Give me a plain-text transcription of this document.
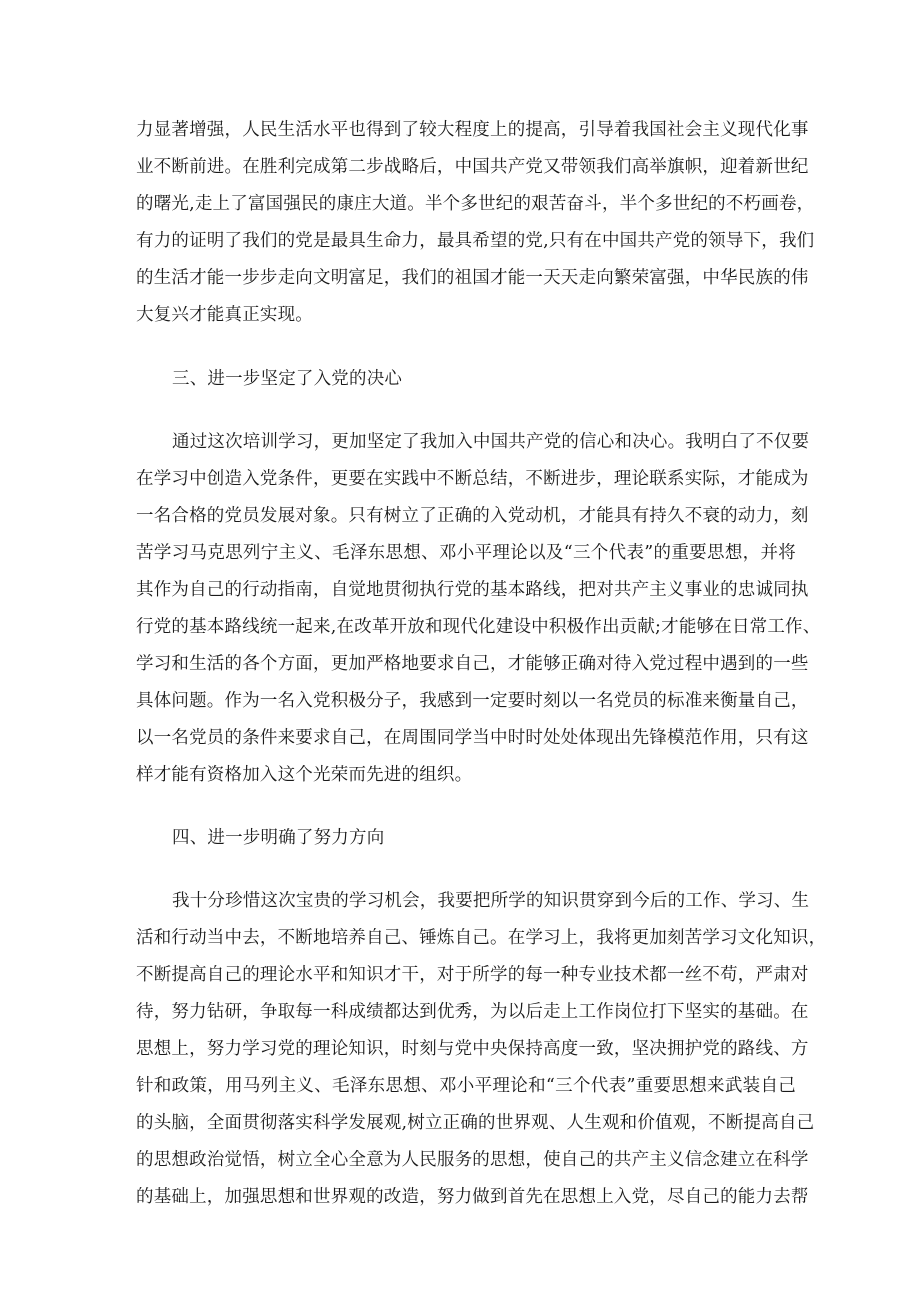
力显著增强，人民生活水平也得到了较大程度上的提高，引导着我国社会主义现代化事
业不断前进。在胜利完成第二步战略后，中国共产党又带领我们高举旗帜，迎着新世纪
的曙光,走上了富国强民的康庄大道。半个多世纪的艰苦奋斗，半个多世纪的不朽画卷，
有力的证明了我们的党是最具生命力，最具希望的党,只有在中国共产党的领导下，我们
的生活才能一步步走向文明富足，我们的祖国才能一天天走向繁荣富强，中华民族的伟
大复兴才能真正实现。
三、进一步坚定了入党的决心
通过这次培训学习，更加坚定了我加入中国共产党的信心和决心。我明白了不仅要
在学习中创造入党条件，更要在实践中不断总结，不断进步，理论联系实际，才能成为
一名合格的党员发展对象。只有树立了正确的入党动机，才能具有持久不衰的动力，刻
苦学习马克思列宁主义、毛泽东思想、邓小平理论以及“三个代表”的重要思想，并将
其作为自己的行动指南，自觉地贯彻执行党的基本路线，把对共产主义事业的忠诚同执
行党的基本路线统一起来,在改革开放和现代化建设中积极作出贡献;才能够在日常工作、
学习和生活的各个方面，更加严格地要求自己，才能够正确对待入党过程中遇到的一些
具体问题。作为一名入党积极分子，我感到一定要时刻以一名党员的标准来衡量自己，
以一名党员的条件来要求自己，在周围同学当中时时处处体现出先锋模范作用，只有这
样才能有资格加入这个光荣而先进的组织。
四、进一步明确了努力方向
我十分珍惜这次宝贵的学习机会，我要把所学的知识贯穿到今后的工作、学习、生
活和行动当中去，不断地培养自己、锤炼自己。在学习上，我将更加刻苦学习文化知识，
不断提高自己的理论水平和知识才干，对于所学的每一种专业技术都一丝不苟，严肃对
待，努力钻研，争取每一科成绩都达到优秀，为以后走上工作岗位打下坚实的基础。在
思想上，努力学习党的理论知识，时刻与党中央保持高度一致，坚决拥护党的路线、方
针和政策，用马列主义、毛泽东思想、邓小平理论和“三个代表”重要思想来武装自己
的头脑，全面贯彻落实科学发展观,树立正确的世界观、人生观和价值观，不断提高自己
的思想政治觉悟，树立全心全意为人民服务的思想，使自己的共产主义信念建立在科学
的基础上，加强思想和世界观的改造，努力做到首先在思想上入党，尽自己的能力去帮
